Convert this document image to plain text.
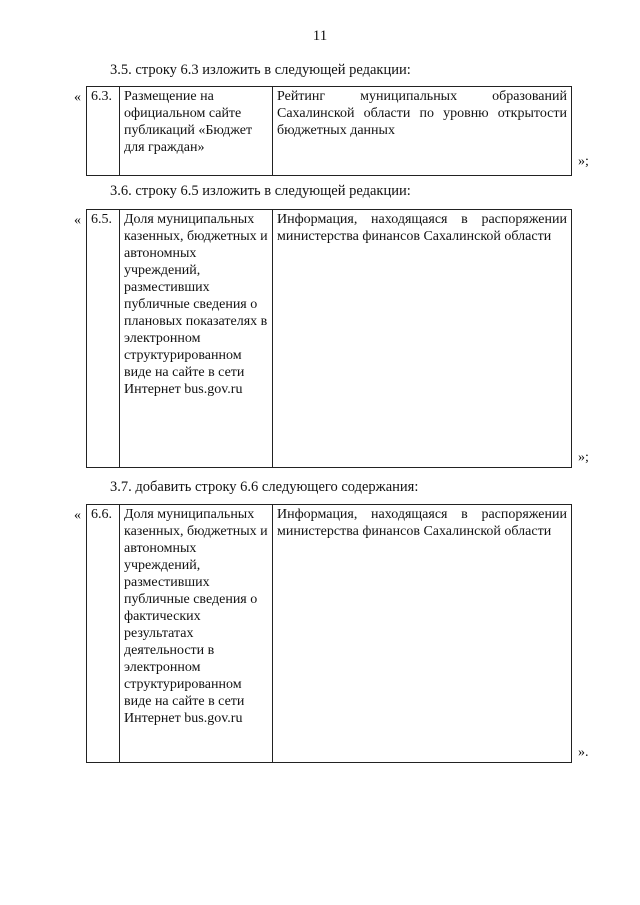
11
3.5. строку 6.3 изложить в следующей редакции:
« 6.3.	Размещение на официальном сайте публикаций «Бюджет для граждан»	Рейтинг муниципальных образований Сахалинской области по уровню открытости бюджетных данных
»;
3.6. строку 6.5 изложить в следующей редакции:
« 6.5.	Доля муниципальных казенных, бюджетных и автономных учреждений, разместивших публичные сведения о плановых показателях в электронном структурированном виде на сайте в сети Интернет bus.gov.ru	Информация, находящаяся в распоряжении министерства финансов Сахалинской области
»;
3.7. добавить строку 6.6 следующего содержания:
« 6.6.	Доля муниципальных казенных, бюджетных и автономных учреждений, разместивших публичные сведения о фактических результатах деятельности в электронном структурированном виде на сайте в сети Интернет bus.gov.ru	Информация, находящаяся в распоряжении министерства финансов Сахалинской области
».
